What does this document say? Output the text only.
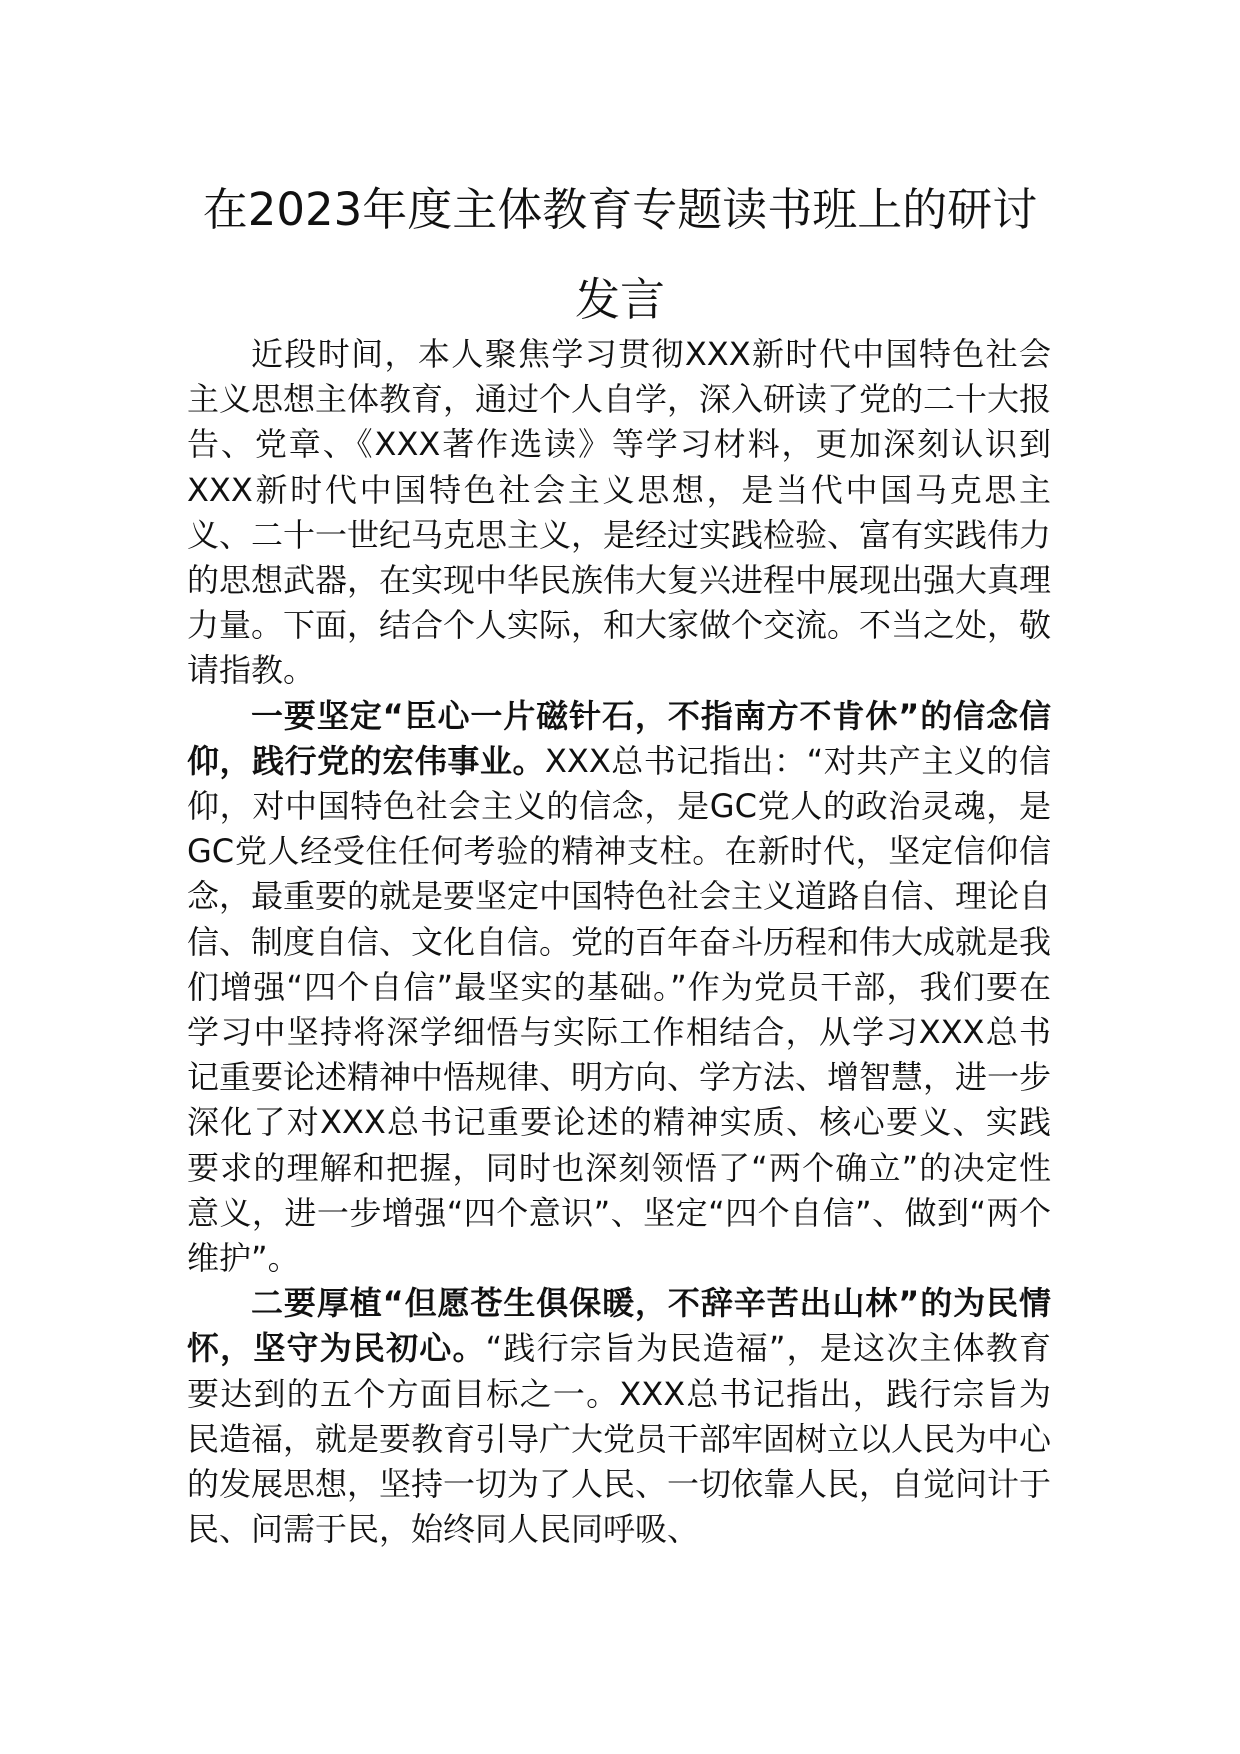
在2023年度主体教育专题读书班上的研讨
发言

近段时间，本人聚焦学习贯彻XXX新时代中国特色社会主义思想主体教育，通过个人自学，深入研读了党的二十大报告、党章、《XXX著作选读》等学习材料，更加深刻认识到XXX新时代中国特色社会主义思想，是当代中国马克思主义、二十一世纪马克思主义，是经过实践检验、富有实践伟力的思想武器，在实现中华民族伟大复兴进程中展现出强大真理力量。下面，结合个人实际，和大家做个交流。不当之处，敬请指教。

一要坚定“臣心一片磁针石，不指南方不肯休”的信念信仰，践行党的宏伟事业。XXX总书记指出：“对共产主义的信仰，对中国特色社会主义的信念，是GC党人的政治灵魂，是GC党人经受住任何考验的精神支柱。在新时代，坚定信仰信念，最重要的就是要坚定中国特色社会主义道路自信、理论自信、制度自信、文化自信。党的百年奋斗历程和伟大成就是我们增强“四个自信”最坚实的基础。”作为党员干部，我们要在学习中坚持将深学细悟与实际工作相结合，从学习XXX总书记重要论述精神中悟规律、明方向、学方法、增智慧，进一步深化了对XXX总书记重要论述的精神实质、核心要义、实践要求的理解和把握，同时也深刻领悟了“两个确立”的决定性意义，进一步增强“四个意识”、坚定“四个自信”、做到“两个维护”。

二要厚植“但愿苍生俱保暖，不辞辛苦出山林”的为民情怀，坚守为民初心。“践行宗旨为民造福”，是这次主体教育要达到的五个方面目标之一。XXX总书记指出，践行宗旨为民造福，就是要教育引导广大党员干部牢固树立以人民为中心的发展思想，坚持一切为了人民、一切依靠人民，自觉问计于民、问需于民，始终同人民同呼吸、
